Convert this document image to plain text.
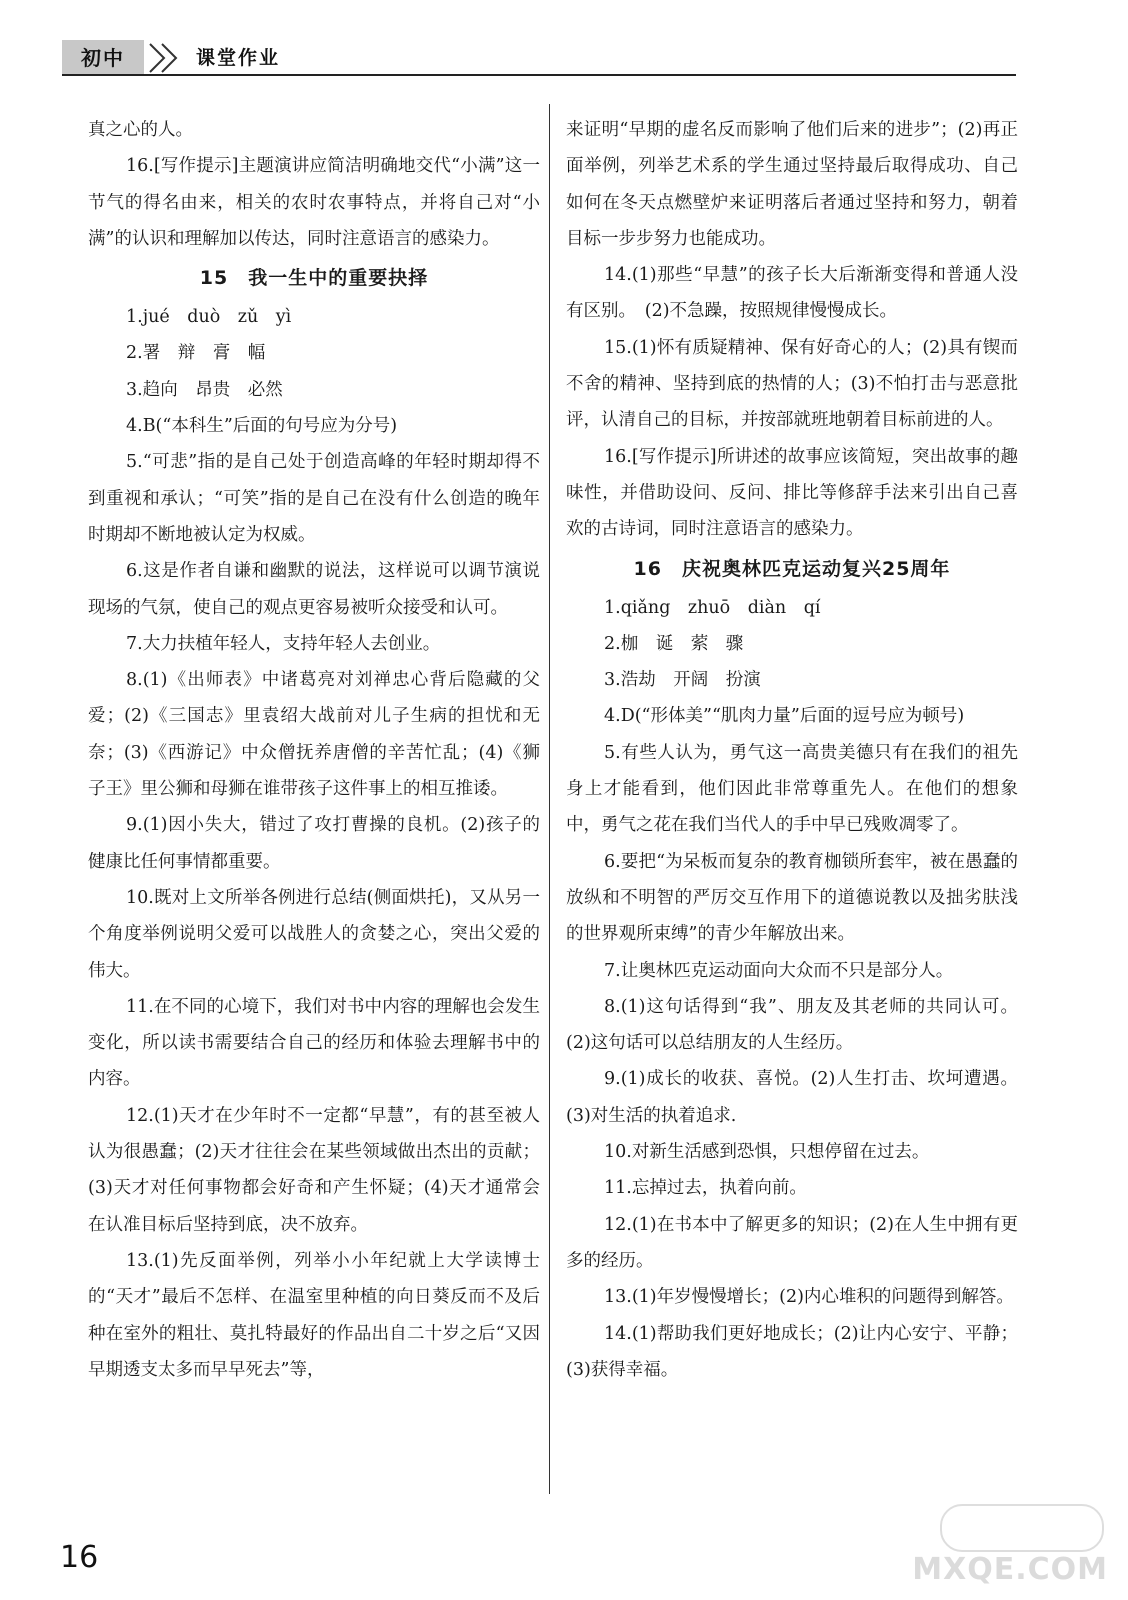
初中	课堂作业

真之心的人。

16.[写作提示]主题演讲应简洁明确地交代“小满”这一节气的得名由来，相关的农时农事特点，并将自己对“小满”的认识和理解加以传达，同时注意语言的感染力。

15　我一生中的重要抉择

1.jué　duò　zǔ　yì

2.署　辩　膏　幅

3.趋向　昂贵　必然

4.B(“本科生”后面的句号应为分号)

5.“可悲”指的是自己处于创造高峰的年轻时期却得不到重视和承认；“可笑”指的是自己在没有什么创造的晚年时期却不断地被认定为权威。

6.这是作者自谦和幽默的说法，这样说可以调节演说现场的气氛，使自己的观点更容易被听众接受和认可。

7.大力扶植年轻人，支持年轻人去创业。

8.(1)《出师表》中诸葛亮对刘禅忠心背后隐藏的父爱；(2)《三国志》里袁绍大战前对儿子生病的担忧和无奈；(3)《西游记》中众僧抚养唐僧的辛苦忙乱；(4)《狮子王》里公狮和母狮在谁带孩子这件事上的相互推诿。

9.(1)因小失大，错过了攻打曹操的良机。(2)孩子的健康比任何事情都重要。

10.既对上文所举各例进行总结(侧面烘托)，又从另一个角度举例说明父爱可以战胜人的贪婪之心，突出父爱的伟大。

11.在不同的心境下，我们对书中内容的理解也会发生变化，所以读书需要结合自己的经历和体验去理解书中的内容。

12.(1)天才在少年时不一定都“早慧”，有的甚至被人认为很愚蠢；(2)天才往往会在某些领域做出杰出的贡献；(3)天才对任何事物都会好奇和产生怀疑；(4)天才通常会在认准目标后坚持到底，决不放弃。

13.(1)先反面举例，列举小小年纪就上大学读博士的“天才”最后不怎样、在温室里种植的向日葵反而不及后种在室外的粗壮、莫扎特最好的作品出自二十岁之后“又因早期透支太多而早早死去”等，

来证明“早期的虚名反而影响了他们后来的进步”；(2)再正面举例，列举艺术系的学生通过坚持最后取得成功、自己如何在冬天点燃壁炉来证明落后者通过坚持和努力，朝着目标一步步努力也能成功。

14.(1)那些“早慧”的孩子长大后渐渐变得和普通人没有区别。　(2)不急躁，按照规律慢慢成长。

15.(1)怀有质疑精神、保有好奇心的人；(2)具有锲而不舍的精神、坚持到底的热情的人；(3)不怕打击与恶意批评，认清自己的目标，并按部就班地朝着目标前进的人。

16.[写作提示]所讲述的故事应该简短，突出故事的趣味性，并借助设问、反问、排比等修辞手法来引出自己喜欢的古诗词，同时注意语言的感染力。

16　庆祝奥林匹克运动复兴25周年

1.qiǎng　zhuō　diàn　qí

2.枷　诞　萦　骤

3.浩劫　开阔　扮演

4.D(“形体美”“肌肉力量”后面的逗号应为顿号)

5.有些人认为，勇气这一高贵美德只有在我们的祖先身上才能看到，他们因此非常尊重先人。在他们的想象中，勇气之花在我们当代人的手中早已残败凋零了。

6.要把“为呆板而复杂的教育枷锁所套牢，被在愚蠢的放纵和不明智的严厉交互作用下的道德说教以及拙劣肤浅的世界观所束缚”的青少年解放出来。

7.让奥林匹克运动面向大众而不只是部分人。

8.(1)这句话得到“我”、朋友及其老师的共同认可。(2)这句话可以总结朋友的人生经历。

9.(1)成长的收获、喜悦。(2)人生打击、坎坷遭遇。(3)对生活的执着追求.

10.对新生活感到恐惧，只想停留在过去。

11.忘掉过去，执着向前。

12.(1)在书本中了解更多的知识；(2)在人生中拥有更多的经历。

13.(1)年岁慢慢增长；(2)内心堆积的问题得到解答。

14.(1)帮助我们更好地成长；(2)让内心安宁、平静；(3)获得幸福。

16	MXQE.COM
